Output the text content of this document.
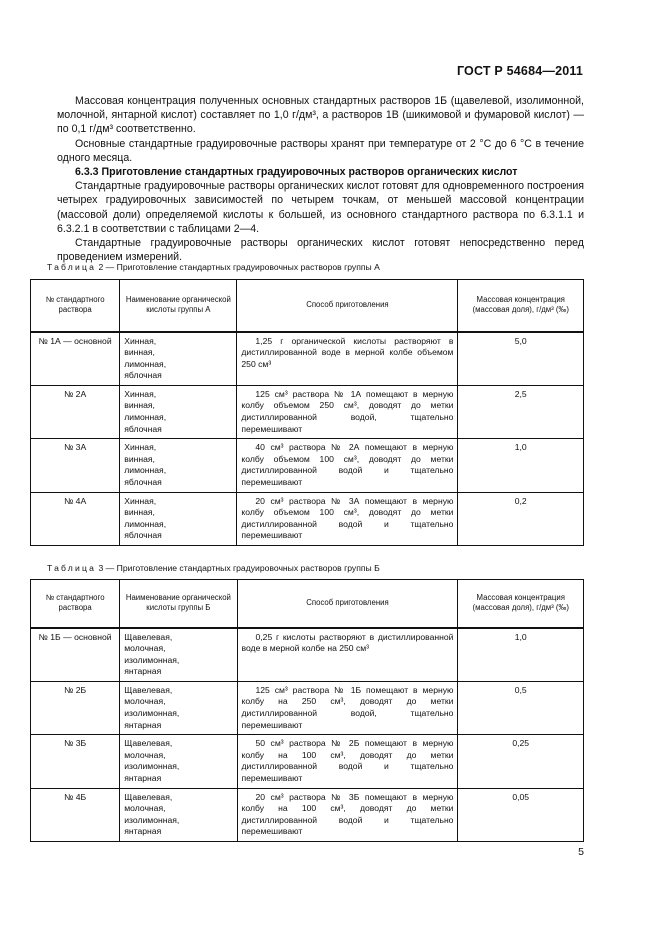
ГОСТ Р 54684—2011

Массовая концентрация полученных основных стандартных растворов 1Б (щавелевой, изолимонной, молочной, янтарной кислот) составляет по 1,0 г/дм³, а растворов 1В (шикимовой и фумаровой кислот) — по 0,1 г/дм³ соответственно.

Основные стандартные градуировочные растворы хранят при температуре от 2 °С до 6 °С в течение одного месяца.

6.3.3 Приготовление стандартных градуировочных растворов органических кислот

Стандартные градуировочные растворы органических кислот готовят для одновременного построения четырех градуировочных зависимостей по четырем точкам, от меньшей массовой концентрации (массовой доли) определяемой кислоты к большей, из основного стандартного раствора по 6.3.1.1 и 6.3.2.1 в соответствии с таблицами 2—4.

Стандартные градуировочные растворы органических кислот готовят непосредственно перед проведением измерений.

Таблица 2 — Приготовление стандартных градуировочных растворов группы А
№ стандартного раствора	Наименование органической кислоты группы А	Способ приготовления	Массовая концентрация (массовая доля), г/дм³ (‰)
№ 1А — основной	Хинная,
винная,
лимонная,
яблочная	1,25 г органической кислоты растворяют в дистиллированной воде в мерной колбе объемом 250 см³	5,0
№ 2А	Хинная,
винная,
лимонная,
яблочная	125 см³ раствора № 1А помещают в мерную колбу объемом 250 см³, доводят до метки дистиллированной водой, тщательно перемешивают	2,5
№ 3А	Хинная,
винная,
лимонная,
яблочная	40 см³ раствора № 2А помещают в мерную колбу объемом 100 см³, доводят до метки дистиллированной водой и тщательно перемешивают	1,0
№ 4А	Хинная,
винная,
лимонная,
яблочная	20 см³ раствора № 3А помещают в мерную колбу объемом 100 см³, доводят до метки дистиллированной водой и тщательно перемешивают	0,2
Таблица 3 — Приготовление стандартных градуировочных растворов группы Б
№ стандартного раствора	Наименование органической кислоты группы Б	Способ приготовления	Массовая концентрация (массовая доля), г/дм³ (‰)
№ 1Б — основной	Щавелевая,
молочная,
изолимонная,
янтарная	0,25 г кислоты растворяют в дистиллированной воде в мерной колбе на 250 см³	1,0
№ 2Б	Щавелевая,
молочная,
изолимонная,
янтарная	125 см³ раствора № 1Б помещают в мерную колбу на 250 см³, доводят до метки дистиллированной водой, тщательно перемешивают	0,5
№ 3Б	Щавелевая,
молочная,
изолимонная,
янтарная	50 см³ раствора № 2Б помещают в мерную колбу на 100 см³, доводят до метки дистиллированной водой и тщательно перемешивают	0,25
№ 4Б	Щавелевая,
молочная,
изолимонная,
янтарная	20 см³ раствора № 3Б помещают в мерную колбу на 100 см³, доводят до метки дистиллированной водой и тщательно перемешивают	0,05
5
